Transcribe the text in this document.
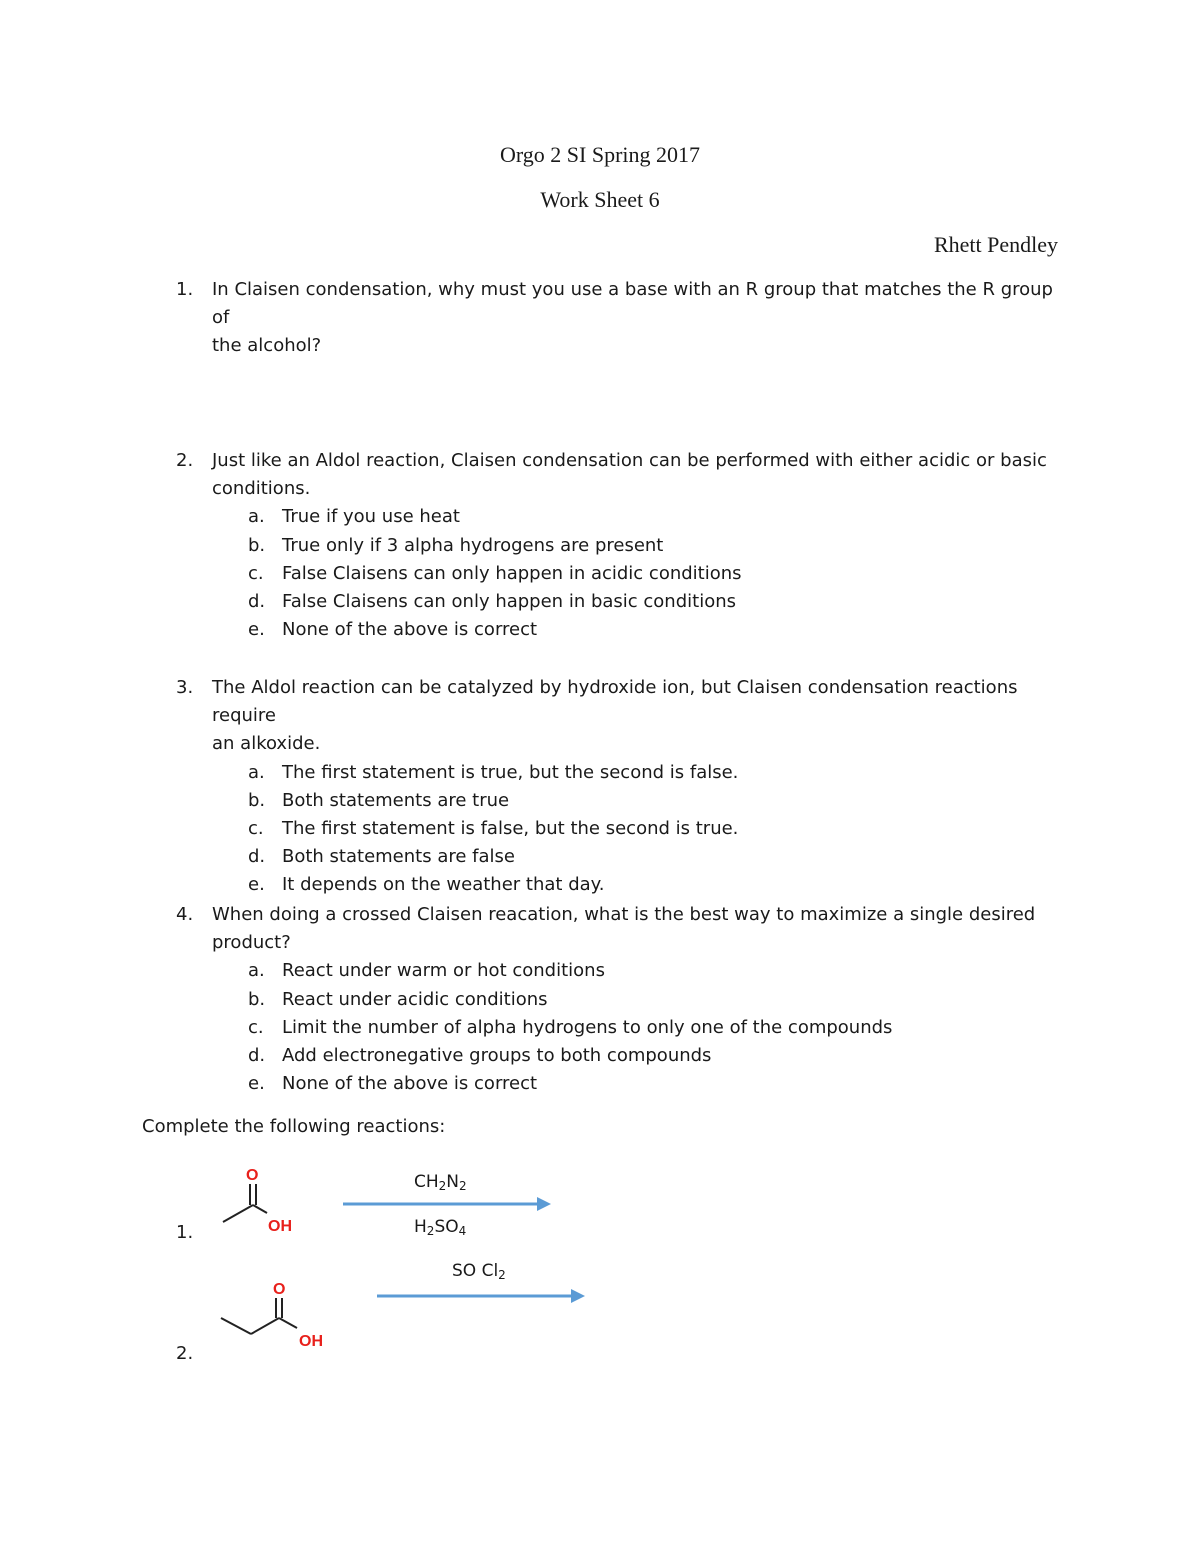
Orgo 2 SI Spring 2017
Work Sheet 6
Rhett Pendley
1. In Claisen condensation, why must you use a base with an R group that matches the R group of
the alcohol?
2. Just like an Aldol reaction, Claisen condensation can be performed with either acidic or basic
conditions.
a. True if you use heat
b. True only if 3 alpha hydrogens are present
c. False Claisens can only happen in acidic conditions
d. False Claisens can only happen in basic conditions
e. None of the above is correct
3. The Aldol reaction can be catalyzed by hydroxide ion, but Claisen condensation reactions require
an alkoxide.
a. The first statement is true, but the second is false.
b. Both statements are true
c. The first statement is false, but the second is true.
d. Both statements are false
e. It depends on the weather that day.
4. When doing a crossed Claisen reacation, what is the best way to maximize a single desired
product?
a. React under warm or hot conditions
b. React under acidic conditions
c. Limit the number of alpha hydrogens to only one of the compounds
d. Add electronegative groups to both compounds
e. None of the above is correct
Complete the following reactions:
1.
O
OH
$CH_2N_2$
$H_2SO_4$
2.
O
OH
SO $Cl_2$
